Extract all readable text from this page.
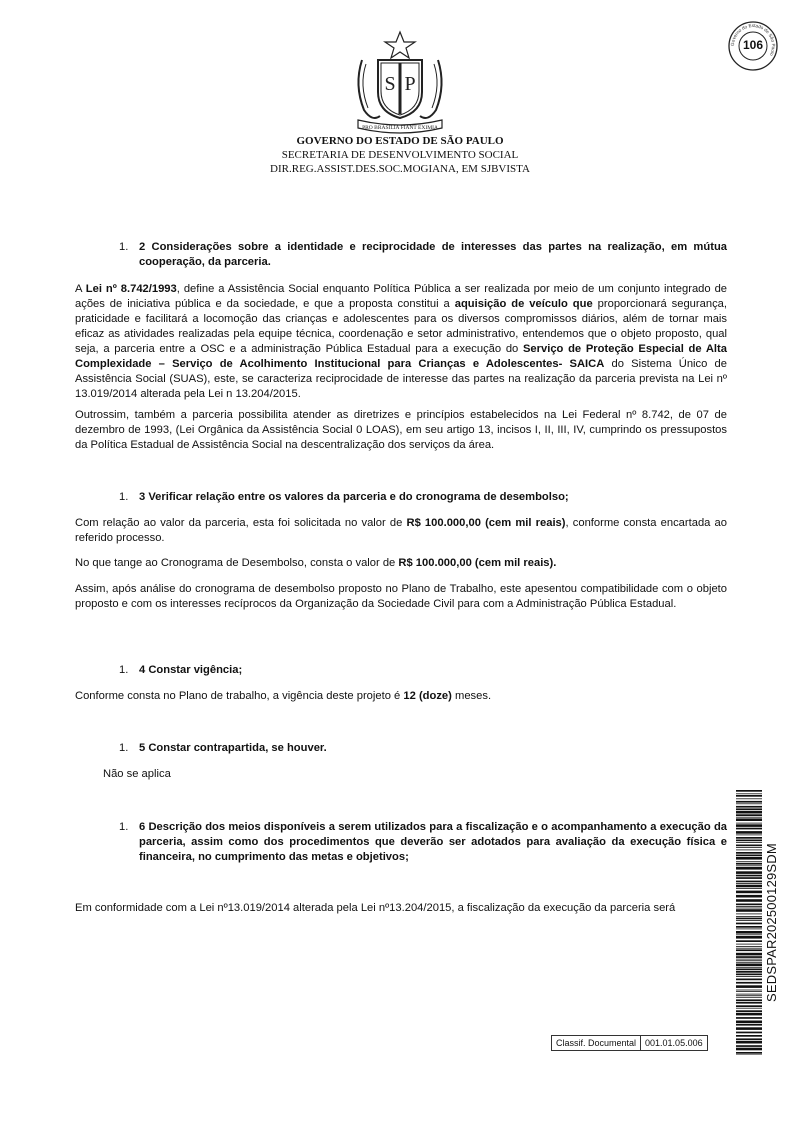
S P
PRO BRASILIA FIANT EXIMIA
GOVERNO DO ESTADO DE SÃO PAULO
SECRETARIA DE DESENVOLVIMENTO SOCIAL
DIR.REG.ASSIST.DES.SOC.MOGIANA, EM SJBVISTA
Governo do Estado de São Paulo
106
1. 2 Considerações sobre a identidade e reciprocidade de interesses das partes na realização, em mútua cooperação, da parceria.
A Lei nº 8.742/1993, define a Assistência Social enquanto Política Pública a ser realizada por meio de um conjunto integrado de ações de iniciativa pública e da sociedade, e que a proposta constitui a aquisição de veículo que proporcionará segurança, praticidade e facilitará a locomoção das crianças e adolescentes para os diversos compromissos diários, além de tornar mais eficaz as atividades realizadas pela equipe técnica, coordenação e setor administrativo, entendemos que o objeto proposto, qual seja, a parceria entre a OSC e a administração Pública Estadual para a execução do Serviço de Proteção Especial de Alta Complexidade – Serviço de Acolhimento Institucional para Crianças e Adolescentes- SAICA do Sistema Único de Assistência Social (SUAS), este, se caracteriza reciprocidade de interesse das partes na realização da parceria prevista na Lei nº 13.019/2014 alterada pela Lei n 13.204/2015.
Outrossim, também a parceria possibilita atender as diretrizes e princípios estabelecidos na Lei Federal nº 8.742, de 07 de dezembro de 1993, (Lei Orgânica da Assistência Social 0 LOAS), em seu artigo 13, incisos I, II, III, IV, cumprindo os pressupostos da Política Estadual de Assistência Social na descentralização dos serviços da área.
1. 3 Verificar relação entre os valores da parceria e do cronograma de desembolso;
Com relação ao valor da parceria, esta foi solicitada no valor de R$ 100.000,00 (cem mil reais), conforme consta encartada ao referido processo.
No que tange ao Cronograma de Desembolso, consta o valor de R$ 100.000,00 (cem mil reais).
Assim, após análise do cronograma de desembolso proposto no Plano de Trabalho, este apesentou compatibilidade com o objeto proposto e com os interesses recíprocos da Organização da Sociedade Civil para com a Administração Pública Estadual.
1. 4 Constar vigência;
Conforme consta no Plano de trabalho, a vigência deste projeto é 12 (doze) meses.
1. 5 Constar contrapartida, se houver.
Não se aplica
1. 6 Descrição dos meios disponíveis a serem utilizados para a fiscalização e o acompanhamento a execução da parceria, assim como dos procedimentos que deverão ser adotados para avaliação da execução física e financeira, no cumprimento das metas e objetivos;
Em conformidade com a Lei nº13.019/2014 alterada pela Lei nº13.204/2015, a fiscalização da execução da parceria será	SEDSPAR202500129SDM
Classif. Documental	001.01.05.006
